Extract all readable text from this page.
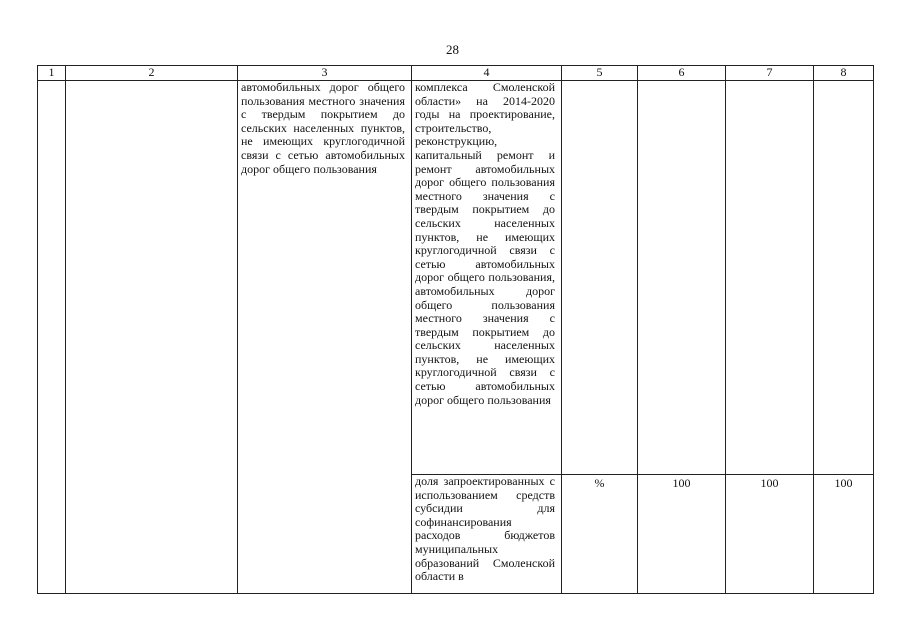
28
1	2	3	4	5	6	7	8

		автомобильных дорог общего пользования местного значения с твердым покрытием до сельских населенных пунктов, не имеющих круглогодичной связи с сетью автомобильных дорог общего пользования	комплекса Смоленской области» на 2014-2020 годы на проектирование, строительство, реконструкцию, капитальный ремонт и ремонт автомобильных дорог общего пользования местного значения с твердым покрытием до сельских населенных пунктов, не имеющих круглогодичной связи с сетью автомобильных дорог общего пользования, автомобильных дорог общего пользования местного значения с твердым покрытием до сельских населенных пунктов, не имеющих круглогодичной связи с сетью автомобильных дорог общего пользования				

			доля запроектированных с использованием средств субсидии для софинансирования расходов бюджетов муниципальных образований Смоленской области в	%	100	100	100
